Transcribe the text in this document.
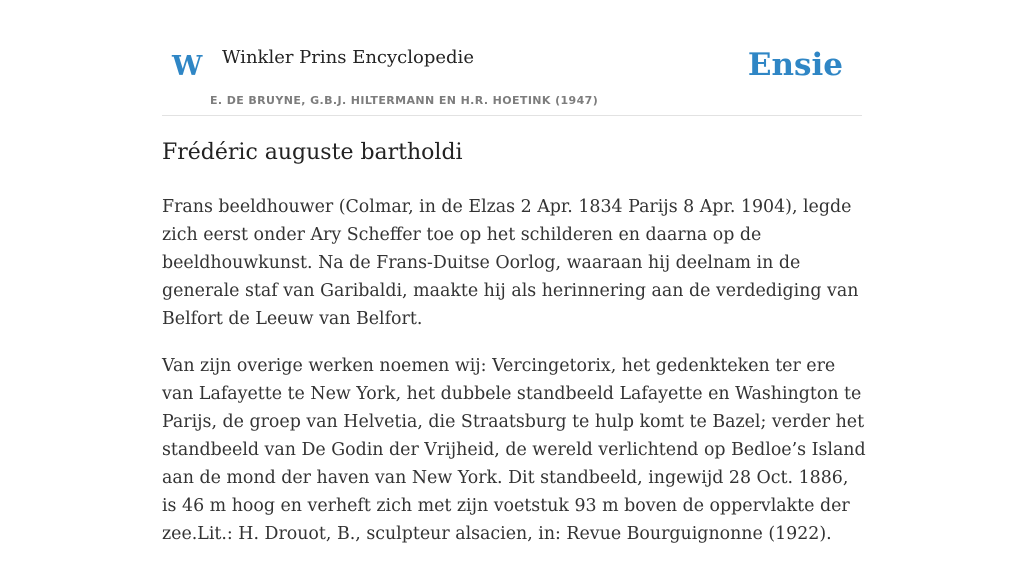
W Winkler Prins Encyclopedie
E. DE BRUYNE, G.B.J. HILTERMANN EN H.R. HOETINK (1947)
Ensie
Frédéric auguste bartholdi

Frans beeldhouwer (Colmar, in de Elzas 2 Apr. 1834 Parijs 8 Apr. 1904), legde zich eerst onder Ary Scheffer toe op het schilderen en daarna op de beeldhouwkunst. Na de Frans-Duitse Oorlog, waaraan hij deelnam in de generale staf van Garibaldi, maakte hij als herinnering aan de verdediging van Belfort de Leeuw van Belfort.

Van zijn overige werken noemen wij: Vercingetorix, het gedenkteken ter ere van Lafayette te New York, het dubbele standbeeld Lafayette en Washington te Parijs, de groep van Helvetia, die Straatsburg te hulp komt te Bazel; verder het standbeeld van De Godin der Vrijheid, de wereld verlichtend op Bedloe’s Island aan de mond der haven van New York. Dit standbeeld, ingewijd 28 Oct. 1886, is 46 m hoog en verheft zich met zijn voetstuk 93 m boven de oppervlakte der zee.Lit.: H. Drouot, B., sculpteur alsacien, in: Revue Bourguignonne (1922).
